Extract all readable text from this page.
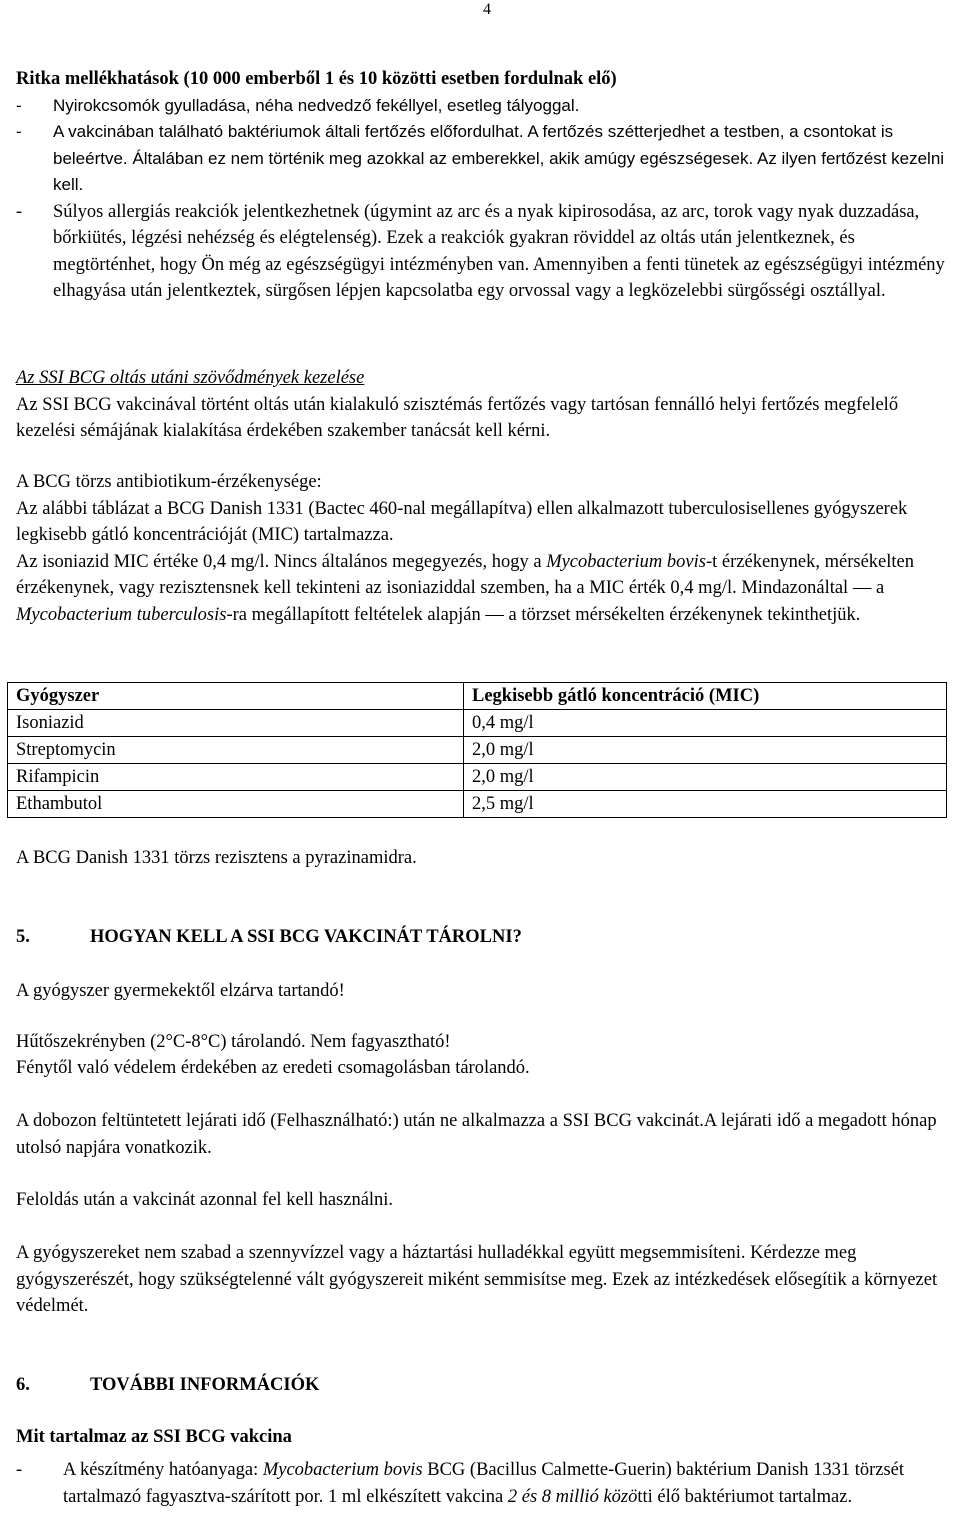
4

Ritka mellékhatások (10 000 emberből 1 és 10 közötti esetben fordulnak elő)

-	Nyirokcsomók gyulladása, néha nedvedző fekéllyel, esetleg tályoggal.
-	A vakcinában található baktériumok általi fertőzés előfordulhat. A fertőzés szétterjedhet a testben, a csontokat is beleértve. Általában ez nem történik meg azokkal az emberekkel, akik amúgy egészségesek. Az ilyen fertőzést kezelni kell.
-	Súlyos allergiás reakciók jelentkezhetnek (úgymint az arc és a nyak kipirosodása, az arc, torok vagy nyak duzzadása, bőrkiütés, légzési nehézség és elégtelenség). Ezek a reakciók gyakran röviddel az oltás után jelentkeznek, és megtörténhet, hogy Ön még az egészségügyi intézményben van. Amennyiben a fenti tünetek az egészségügyi intézmény elhagyása után jelentkeztek, sürgősen lépjen kapcsolatba egy orvossal vagy a legközelebbi sürgősségi osztállyal.

Az SSI BCG oltás utáni szövődmények kezelése

Az SSI BCG vakcinával történt oltás után kialakuló szisztémás fertőzés vagy tartósan fennálló helyi fertőzés megfelelő kezelési sémájának kialakítása érdekében szakember tanácsát kell kérni.

A BCG törzs antibiotikum-érzékenysége:

Az alábbi táblázat a BCG Danish 1331 (Bactec 460-nal megállapítva) ellen alkalmazott tuberculosisellenes gyógyszerek legkisebb gátló koncentrációját (MIC) tartalmazza.

Az isoniazid MIC értéke 0,4 mg/l. Nincs általános megegyezés, hogy a Mycobacterium bovis-t érzékenynek, mérsékelten érzékenynek, vagy rezisztensnek kell tekinteni az isoniaziddal szemben, ha a MIC érték 0,4 mg/l. Mindazonáltal — a Mycobacterium tuberculosis-ra megállapított feltételek alapján — a törzset mérsékelten érzékenynek tekinthetjük.

Gyógyszer	Legkisebb gátló koncentráció (MIC)
Isoniazid	0,4 mg/l
Streptomycin	2,0 mg/l
Rifampicin	2,0 mg/l
Ethambutol	2,5 mg/l
A BCG Danish 1331 törzs rezisztens a pyrazinamidra.
5.	HOGYAN KELL A SSI BCG VAKCINÁT TÁROLNI?
A gyógyszer gyermekektől elzárva tartandó!
Hűtőszekrényben (2°C-8°C) tárolandó. Nem fagyasztható!
Fénytől való védelem érdekében az eredeti csomagolásban tárolandó.
A dobozon feltüntetett lejárati idő (Felhasználható:) után ne alkalmazza a SSI BCG vakcinát.A lejárati idő a megadott hónap utolsó napjára vonatkozik.
Feloldás után a vakcinát azonnal fel kell használni.
A gyógyszereket nem szabad a szennyvízzel vagy a háztartási hulladékkal együtt megsemmisíteni. Kérdezze meg gyógyszerészét, hogy szükségtelenné vált gyógyszereit miként semmisítse meg. Ezek az intézkedések elősegítik a környezet védelmét.
6.	TOVÁBBI INFORMÁCIÓK
Mit tartalmaz az SSI BCG vakcina
-	A készítmény hatóanyaga: Mycobacterium bovis BCG (Bacillus Calmette-Guerin) baktérium Danish 1331 törzsét tartalmazó fagyasztva-szárított por. 1 ml elkészített vakcina 2 és 8 millió közötti élő baktériumot tartalmaz.
